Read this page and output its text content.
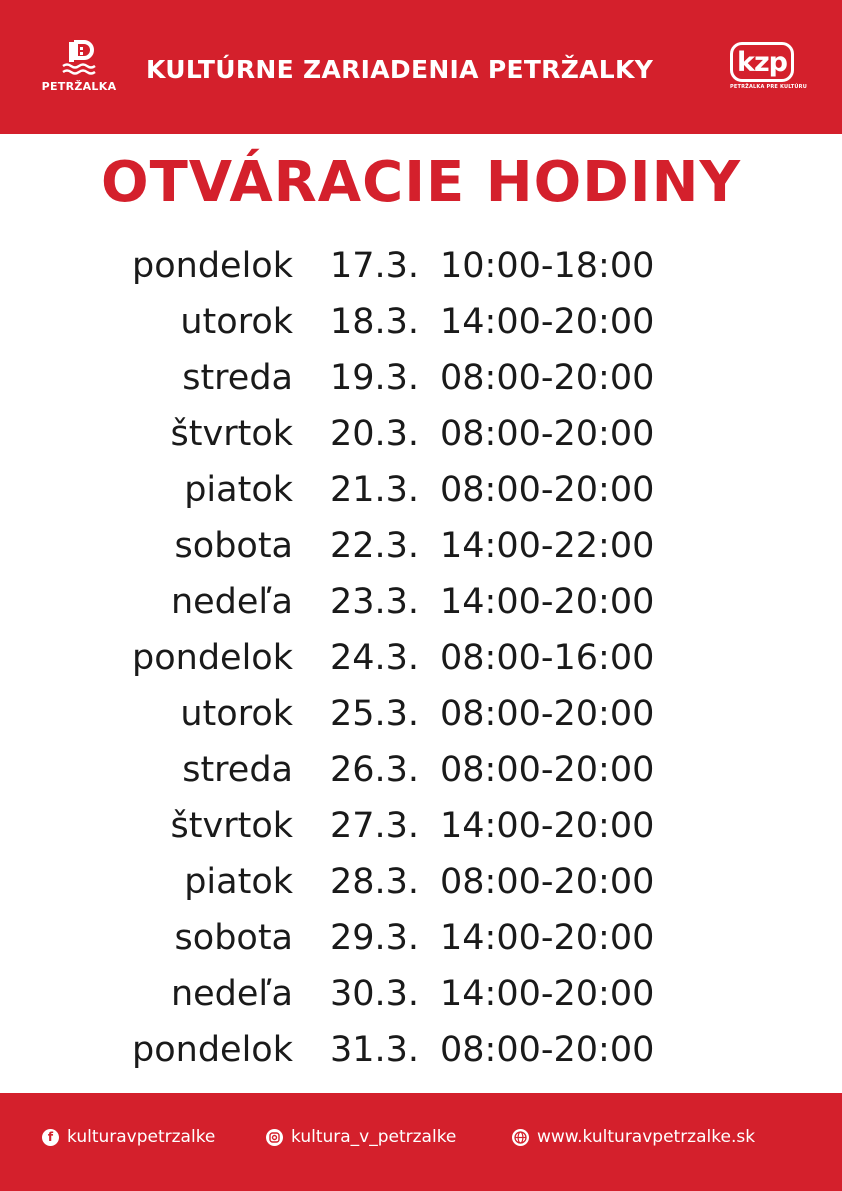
PETRŽALKA
KULTÚRNE ZARIADENIA PETRŽALKY	kzp
PETRŽALKA PRE KULTÚRU
OTVÁRACIE HODINY
pondelok 17.3. 10:00-18:00
utorok 18.3. 14:00-20:00
streda 19.3. 08:00-20:00
štvrtok 20.3. 08:00-20:00
piatok 21.3. 08:00-20:00
sobota 22.3. 14:00-22:00
nedeľa 23.3. 14:00-20:00
pondelok 24.3. 08:00-16:00
utorok 25.3. 08:00-20:00
streda 26.3. 08:00-20:00
štvrtok 27.3. 14:00-20:00
piatok 28.3. 08:00-20:00
sobota 29.3. 14:00-20:00
nedeľa 30.3. 14:00-20:00
pondelok 31.3. 08:00-20:00
f kulturavpetrzalke	kultura_v_petrzalke	www.kulturavpetrzalke.sk
